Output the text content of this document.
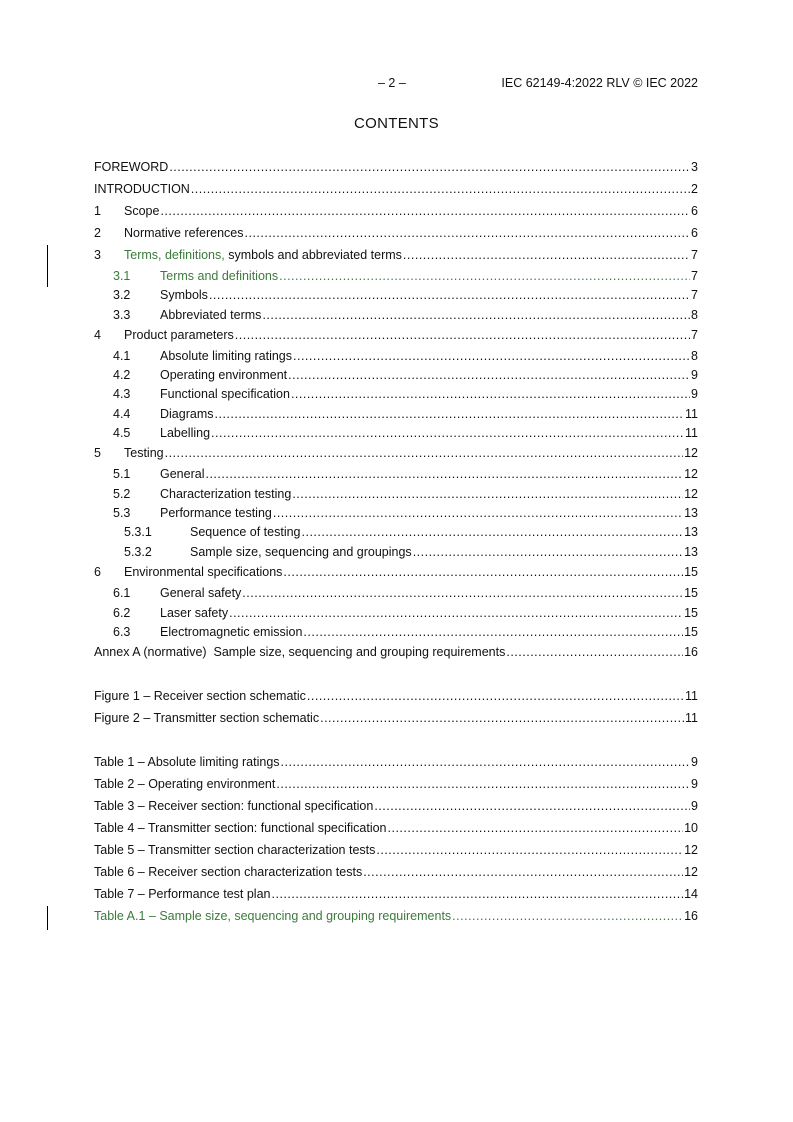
– 2 –	IEC 62149-4:2022 RLV © IEC 2022
CONTENTS
FOREWORD .....	3
INTRODUCTION .....	2
1	Scope .....	6
2	Normative references .....	6
3	Terms, definitions, symbols and abbreviated terms .....	7
3.1	Terms and definitions .....	7
3.2	Symbols .....	7
3.3	Abbreviated terms .....	8
4	Product parameters .....	7
4.1	Absolute limiting ratings .....	8
4.2	Operating environment .....	9
4.3	Functional specification .....	9
4.4	Diagrams .....	11
4.5	Labelling .....	11
5	Testing .....	12
5.1	General .....	12
5.2	Characterization testing .....	12
5.3	Performance testing .....	13
5.3.1	Sequence of testing .....	13
5.3.2	Sample size, sequencing and groupings .....	13
6	Environmental specifications .....	15
6.1	General safety .....	15
6.2	Laser safety .....	15
6.3	Electromagnetic emission .....	15
Annex A (normative)  Sample size, sequencing and grouping requirements .....	16
Figure 1 – Receiver section schematic .....	11
Figure 2 – Transmitter section schematic .....	11
Table 1 – Absolute limiting ratings .....	9
Table 2 – Operating environment .....	9
Table 3 – Receiver section: functional specification .....	9
Table 4 – Transmitter section: functional specification .....	10
Table 5 – Transmitter section characterization tests .....	12
Table 6 – Receiver section characterization tests .....	12
Table 7 – Performance test plan .....	14
Table A.1 – Sample size, sequencing and grouping requirements .....	16
